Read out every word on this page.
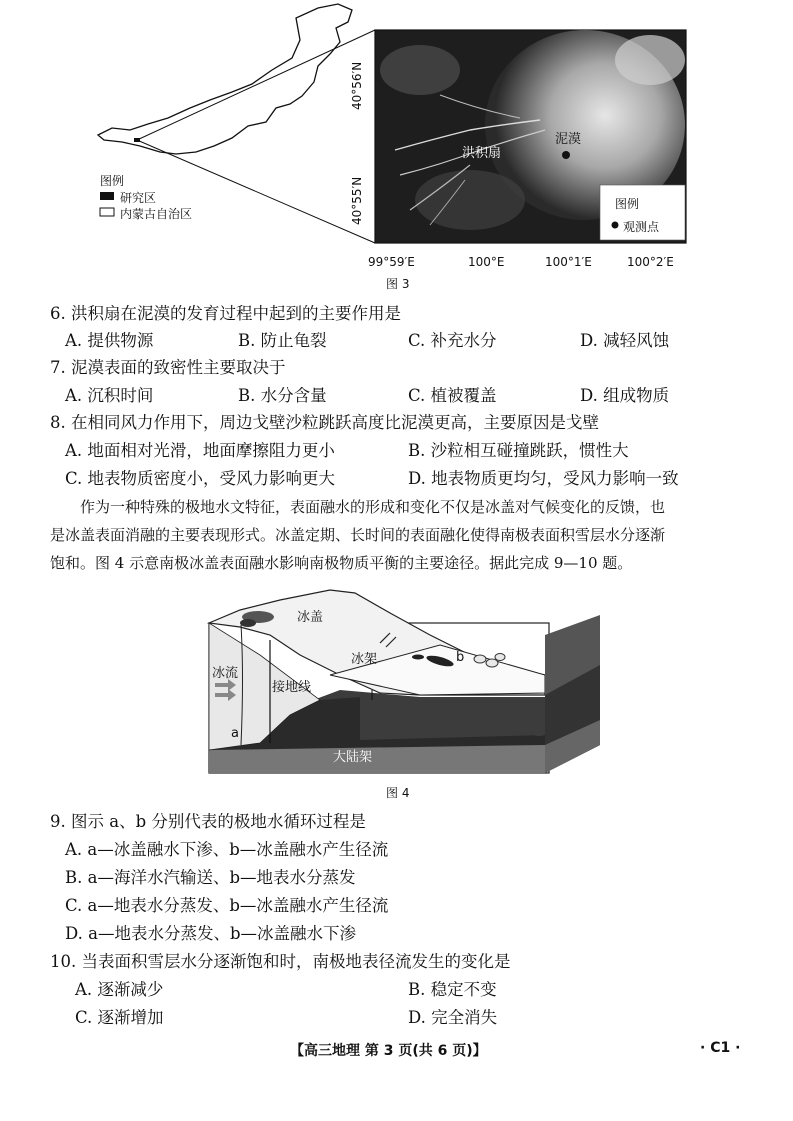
图例
研究区
内蒙古自治区
40°56′N
40°55′N
洪积扇
泥漠
图例
观测点
99°59′E	100°E	100°1′E	100°2′E
图 3
6. 洪积扇在泥漠的发育过程中起到的主要作用是
A. 提供物源	B. 防止龟裂	C. 补充水分	D. 减轻风蚀
7. 泥漠表面的致密性主要取决于
A. 沉积时间	B. 水分含量	C. 植被覆盖	D. 组成物质
8. 在相同风力作用下，周边戈壁沙粒跳跃高度比泥漠更高，主要原因是戈壁
A. 地面相对光滑，地面摩擦阻力更小	B. 沙粒相互碰撞跳跃，惯性大
C. 地表物质密度小，受风力影响更大	D. 地表物质更均匀，受风力影响一致
作为一种特殊的极地水文特征，表面融水的形成和变化不仅是冰盖对气候变化的反馈，也
是冰盖表面消融的主要表现形式。冰盖定期、长时间的表面融化使得南极表面积雪层水分逐渐
饱和。图 4 示意南极冰盖表面融水影响南极物质平衡的主要途径。据此完成 9—10 题。
冰盖
冰架
冰流
接地线
大陆架
a
b
图 4
9. 图示 a、b 分别代表的极地水循环过程是
A. a—冰盖融水下渗、b—冰盖融水产生径流
B. a—海洋水汽输送、b—地表水分蒸发
C. a—地表水分蒸发、b—冰盖融水产生径流
D. a—地表水分蒸发、b—冰盖融水下渗
10. 当表面积雪层水分逐渐饱和时，南极地表径流发生的变化是
A. 逐渐减少	B. 稳定不变
C. 逐渐增加	D. 完全消失
【高三地理 第 3 页(共 6 页)】	· C1 ·
